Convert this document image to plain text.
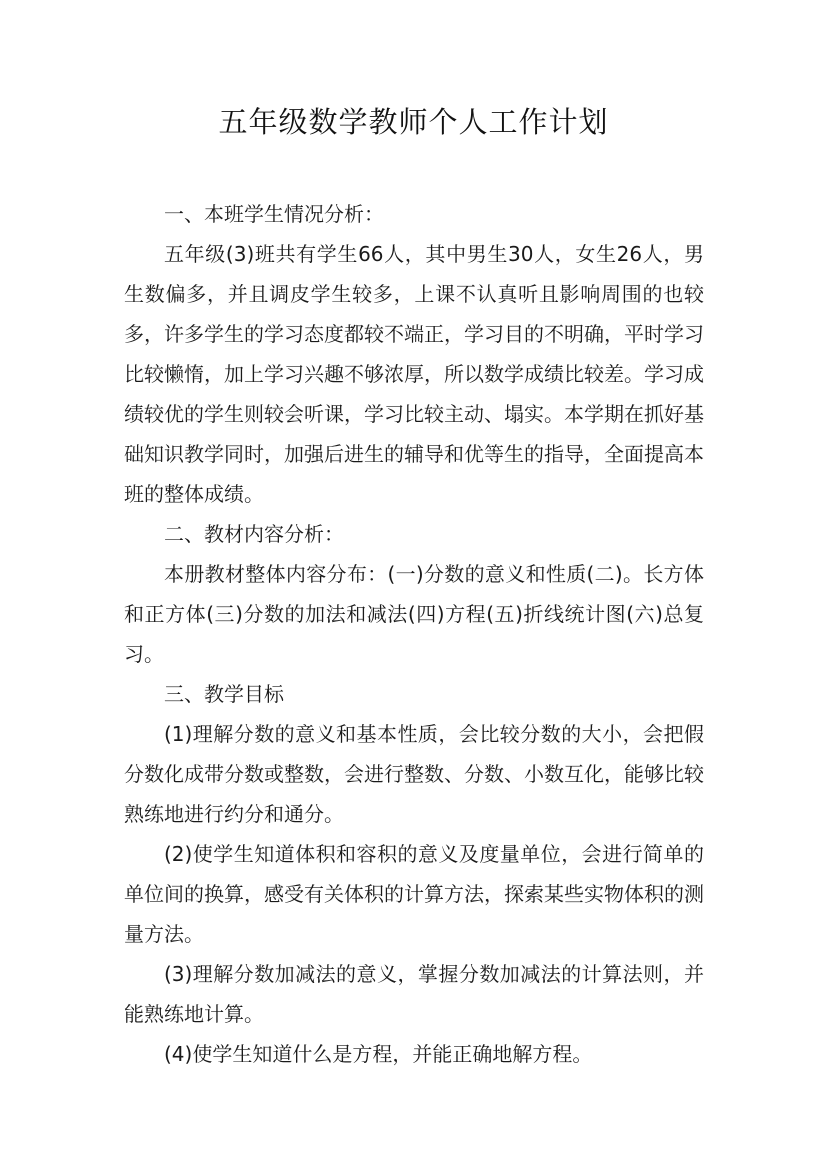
五年级数学教师个人工作计划

一、本班学生情况分析：

五年级(3)班共有学生66人，其中男生30人，女生26人，男生数偏多，并且调皮学生较多，上课不认真听且影响周围的也较多，许多学生的学习态度都较不端正，学习目的不明确，平时学习比较懒惰，加上学习兴趣不够浓厚，所以数学成绩比较差。学习成绩较优的学生则较会听课，学习比较主动、塌实。本学期在抓好基础知识教学同时，加强后进生的辅导和优等生的指导，全面提高本班的整体成绩。

二、教材内容分析：

本册教材整体内容分布：(一)分数的意义和性质(二)。长方体和正方体(三)分数的加法和减法(四)方程(五)折线统计图(六)总复习。

三、教学目标

(1)理解分数的意义和基本性质，会比较分数的大小，会把假分数化成带分数或整数，会进行整数、分数、小数互化，能够比较熟练地进行约分和通分。

(2)使学生知道体积和容积的意义及度量单位，会进行简单的单位间的换算，感受有关体积的计算方法，探索某些实物体积的测量方法。

(3)理解分数加减法的意义，掌握分数加减法的计算法则，并能熟练地计算。

(4)使学生知道什么是方程，并能正确地解方程。
